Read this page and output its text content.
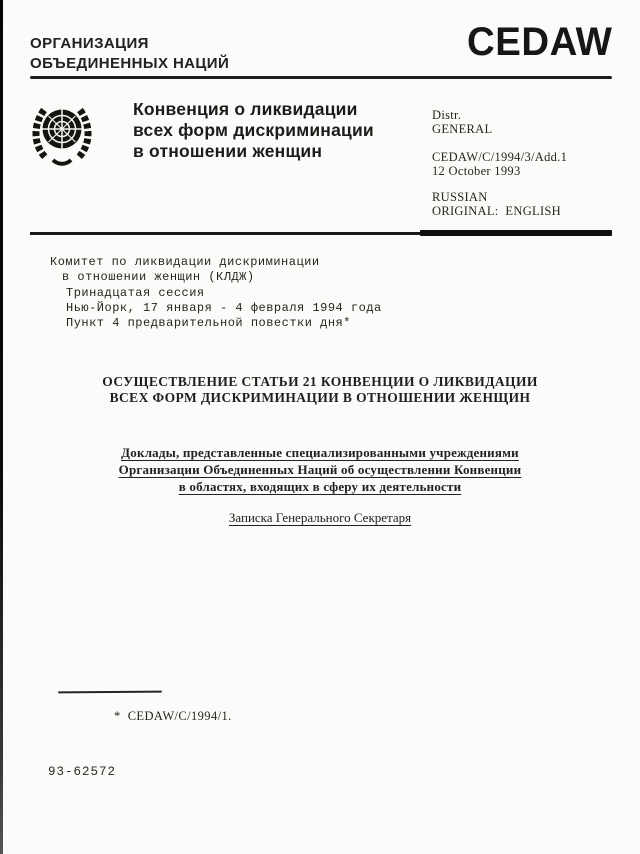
ОРГАНИЗАЦИЯ
ОБЪЕДИНЕННЫХ НАЦИЙ	CEDAW
Конвенция о ликвидации
всех форм дискриминации
в отношении женщин
Distr.
GENERAL
CEDAW/C/1994/3/Add.1
12 October 1993
RUSSIAN
ORIGINAL:  ENGLISH
Комитет по ликвидации дискриминации
в отношении женщин (КЛДЖ)
Тринадцатая сессия
Нью-Йорк, 17 января - 4 февраля 1994 года
Пункт 4 предварительной повестки дня*
ОСУЩЕСТВЛЕНИЕ СТАТЬИ 21 КОНВЕНЦИИ О ЛИКВИДАЦИИ
ВСЕХ ФОРМ ДИСКРИМИНАЦИИ В ОТНОШЕНИИ ЖЕНЩИН
Доклады, представленные специализированными учреждениями
Организации Объединенных Наций об осуществлении Конвенции
в областях, входящих в сферу их деятельности
Записка Генерального Секретаря
*  CEDAW/C/1994/1.
93-62572
